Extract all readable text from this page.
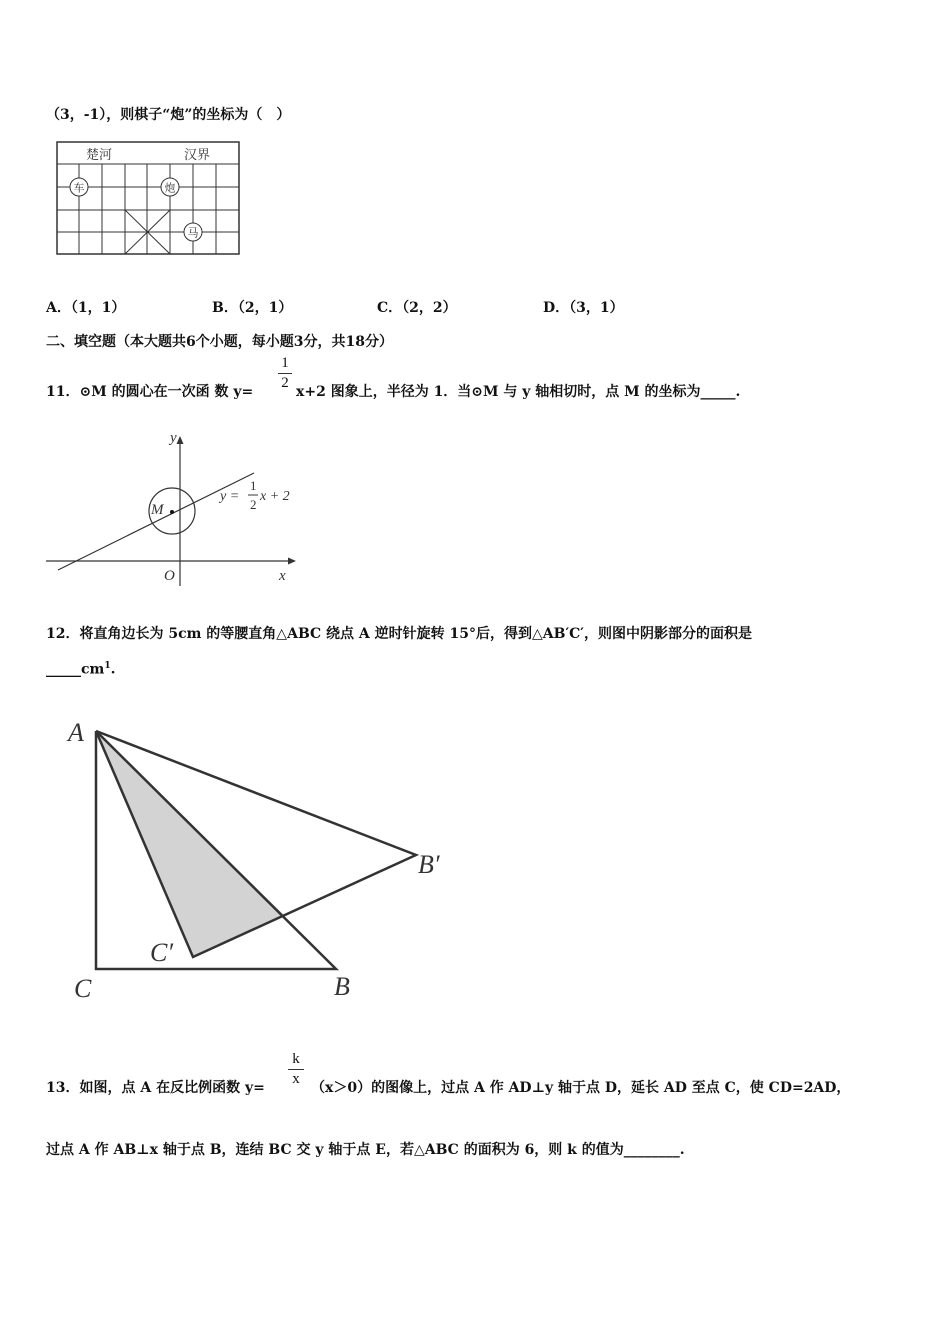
（3，-1），则棋子“炮”的坐标为（　）
楚河	汉界
车	炮
马
A．（1，1）	B．（2，1）	C．（2，2）	D．（3，1）
二、填空题（本大题共6个小题，每小题3分，共18分）
11．⊙M 的圆心在一次函 数 y=
1
2
x+2 图象上，半径为 1．当⊙M 与 y 轴相切时，点 M 的坐标为_____.
y
x
O
M
y =
1
2
x + 2
12．将直角边长为 5cm 的等腰直角△ABC 绕点 A 逆时针旋转 15°后，得到△AB′C′，则图中阴影部分的面积是
$\_\_\_\_\_cm^1$.
A
C	B
B′
C′
13．如图，点 A 在反比例函数 y=
k
x
（x＞0）的图像上，过点 A 作 AD⊥y 轴于点 D，延长 AD 至点 C，使 CD=2AD，
过点 A 作 AB⊥x 轴于点 B，连结 BC 交 y 轴于点 E，若△ABC 的面积为 6，则 k 的值为________.
